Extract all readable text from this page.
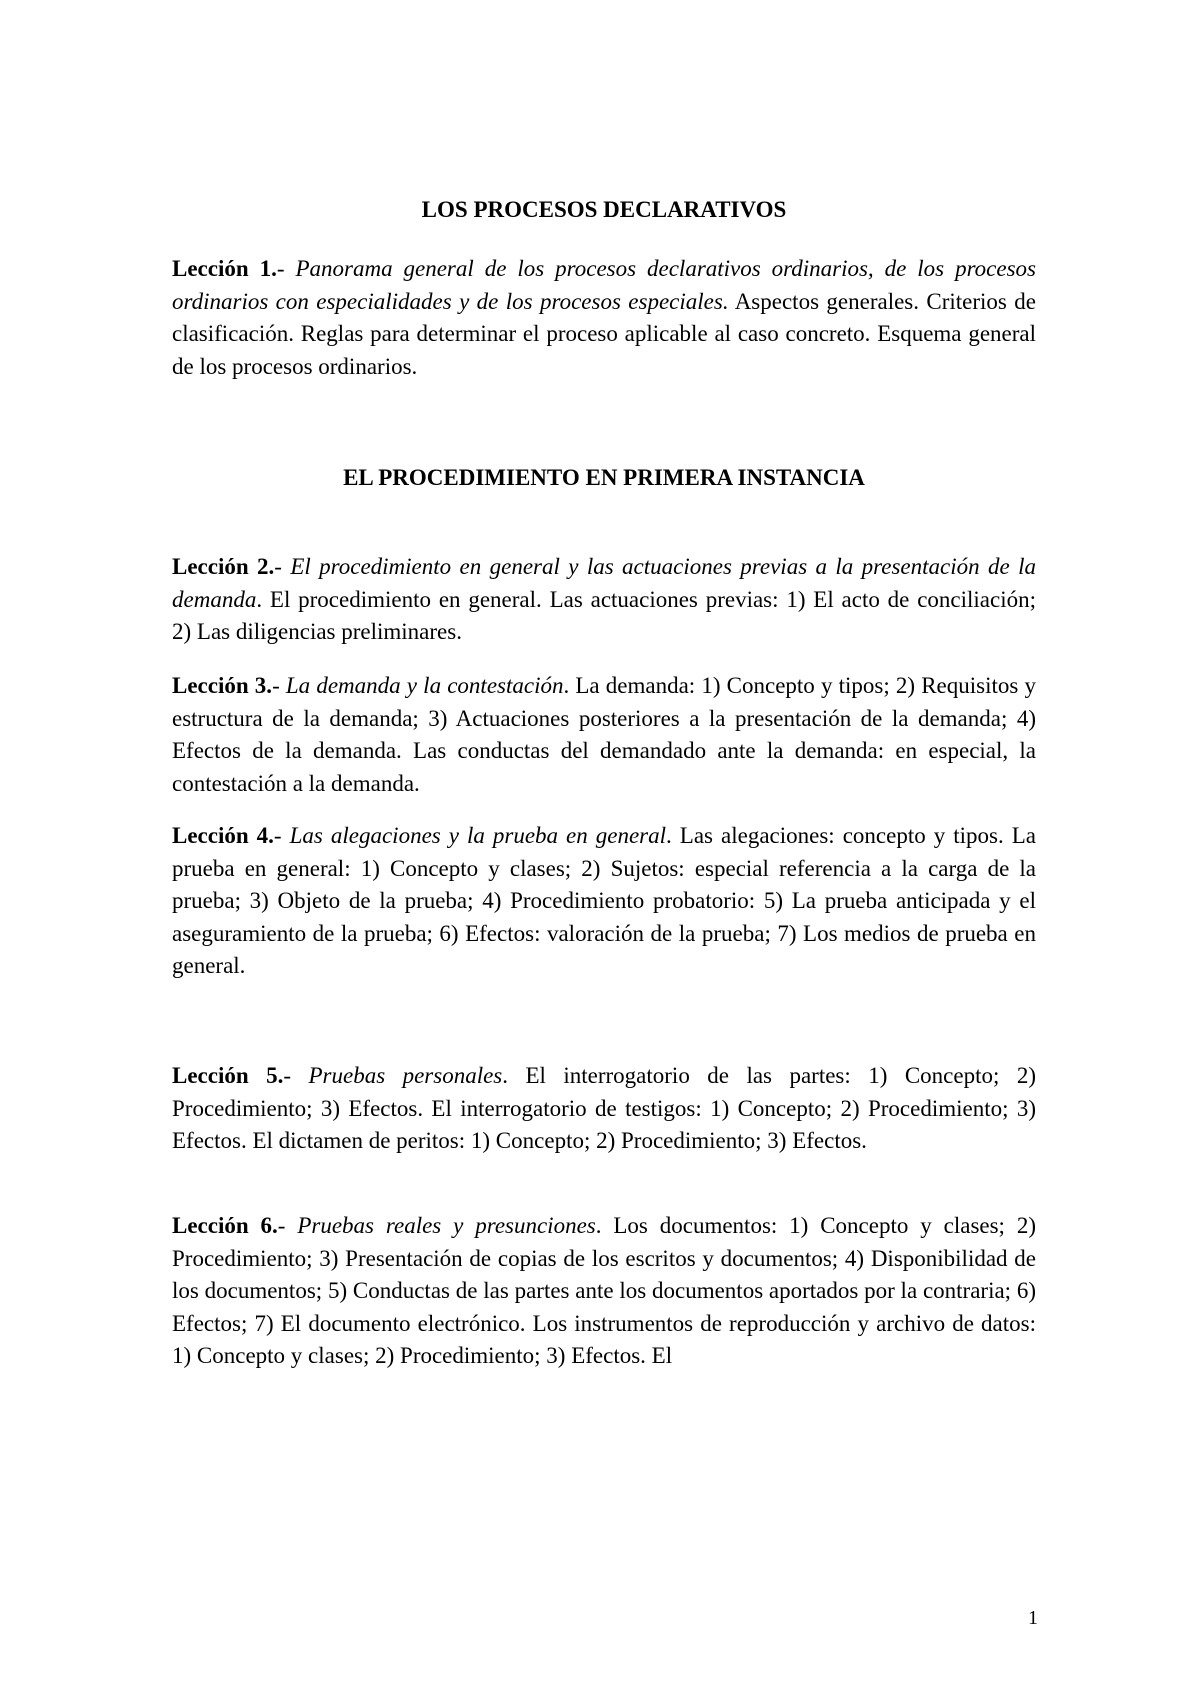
LOS PROCESOS DECLARATIVOS

Lección 1.- Panorama general de los procesos declarativos ordinarios, de los procesos ordinarios con especialidades y de los procesos especiales. Aspectos generales. Criterios de clasificación. Reglas para determinar el proceso aplicable al caso concreto. Esquema general de los procesos ordinarios.

EL PROCEDIMIENTO EN PRIMERA INSTANCIA

Lección 2.- El procedimiento en general y las actuaciones previas a la presentación de la demanda. El procedimiento en general. Las actuaciones previas: 1) El acto de conciliación; 2) Las diligencias preliminares.

Lección 3.- La demanda y la contestación. La demanda: 1) Concepto y tipos; 2) Requisitos y estructura de la demanda; 3) Actuaciones posteriores a la presentación de la demanda; 4) Efectos de la demanda. Las conductas del demandado ante la demanda: en especial, la contestación a la demanda.

Lección 4.- Las alegaciones y la prueba en general. Las alegaciones: concepto y tipos. La prueba en general: 1) Concepto y clases; 2) Sujetos: especial referencia a la carga de la prueba; 3) Objeto de la prueba; 4) Procedimiento probatorio: 5) La prueba anticipada y el aseguramiento de la prueba; 6) Efectos: valoración de la prueba; 7) Los medios de prueba en general.

Lección 5.- Pruebas personales. El interrogatorio de las partes: 1) Concepto; 2) Procedimiento; 3) Efectos. El interrogatorio de testigos: 1) Concepto; 2) Procedimiento; 3) Efectos. El dictamen de peritos: 1) Concepto; 2) Procedimiento; 3) Efectos.

Lección 6.- Pruebas reales y presunciones. Los documentos: 1) Concepto y clases; 2) Procedimiento; 3) Presentación de copias de los escritos y documentos; 4) Disponibilidad de los documentos; 5) Conductas de las partes ante los documentos aportados por la contraria; 6) Efectos; 7) El documento electrónico. Los instrumentos de reproducción y archivo de datos: 1) Concepto y clases; 2) Procedimiento; 3) Efectos. El

1
